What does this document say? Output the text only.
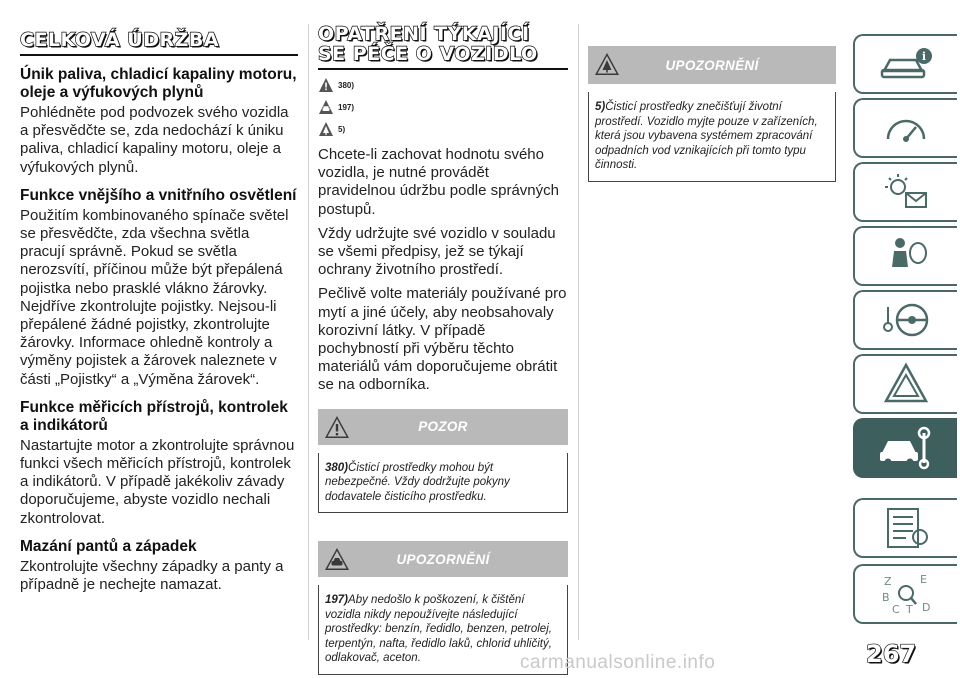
CELKOVÁ ÚDRŽBA
Únik paliva, chladicí kapaliny motoru, oleje a výfukových plynů

Pohlédněte pod podvozek svého vozidla a přesvědčte se, zda nedochází k úniku paliva, chladicí kapaliny motoru, oleje a výfukových plynů.

Funkce vnějšího a vnitřního osvětlení

Použitím kombinovaného spínače světel se přesvědčte, zda všechna světla pracují správně. Pokud se světla nerozsvítí, příčinou může být přepálená pojistka nebo prasklé vlákno žárovky. Nejdříve zkontrolujte pojistky. Nejsou-li přepálené žádné pojistky, zkontrolujte žárovky. Informace ohledně kontroly a výměny pojistek a žárovek naleznete v části „Pojistky“ a „Výměna žárovek“.

Funkce měřicích přístrojů, kontrolek a indikátorů

Nastartujte motor a zkontrolujte správnou funkci všech měřicích přístrojů, kontrolek a indikátorů. V případě jakékoliv závady doporučujeme, abyste vozidlo nechali zkontrolovat.

Mazání pantů a západek

Zkontrolujte všechny západky a panty a případně je nechejte namazat.

OPATŘENÍ TÝKAJÍCÍ
SE PÉČE O VOZIDLO
380)
197)
5)

Chcete-li zachovat hodnotu svého vozidla, je nutné provádět pravidelnou údržbu podle správných postupů.

Vždy udržujte své vozidlo v souladu se všemi předpisy, jež se týkají ochrany životního prostředí.

Pečlivě volte materiály používané pro mytí a jiné účely, aby neobsahovaly korozivní látky. V případě pochybností při výběru těchto materiálů vám doporučujeme obrátit se na odborníka.

POZOR
380)Čisticí prostředky mohou být nebezpečné. Vždy dodržujte pokyny dodavatele čisticího prostředku.
UPOZORNĚNÍ
197)Aby nedošlo k poškození, k čištění vozidla nikdy nepoužívejte následující prostředky: benzín, ředidlo, benzen, petrolej, terpentýn, nafta, ředidlo laků, chlorid uhličitý, odlakovač, aceton.
UPOZORNĚNÍ
5)Čisticí prostředky znečišťují životní prostředí. Vozidlo myjte pouze v zařízeních, která jsou vybavena systémem zpracování odpadních vod vznikajících při tomto typu činnosti.
i
Z	E
B
C T D
267
carmanualsonline.info
